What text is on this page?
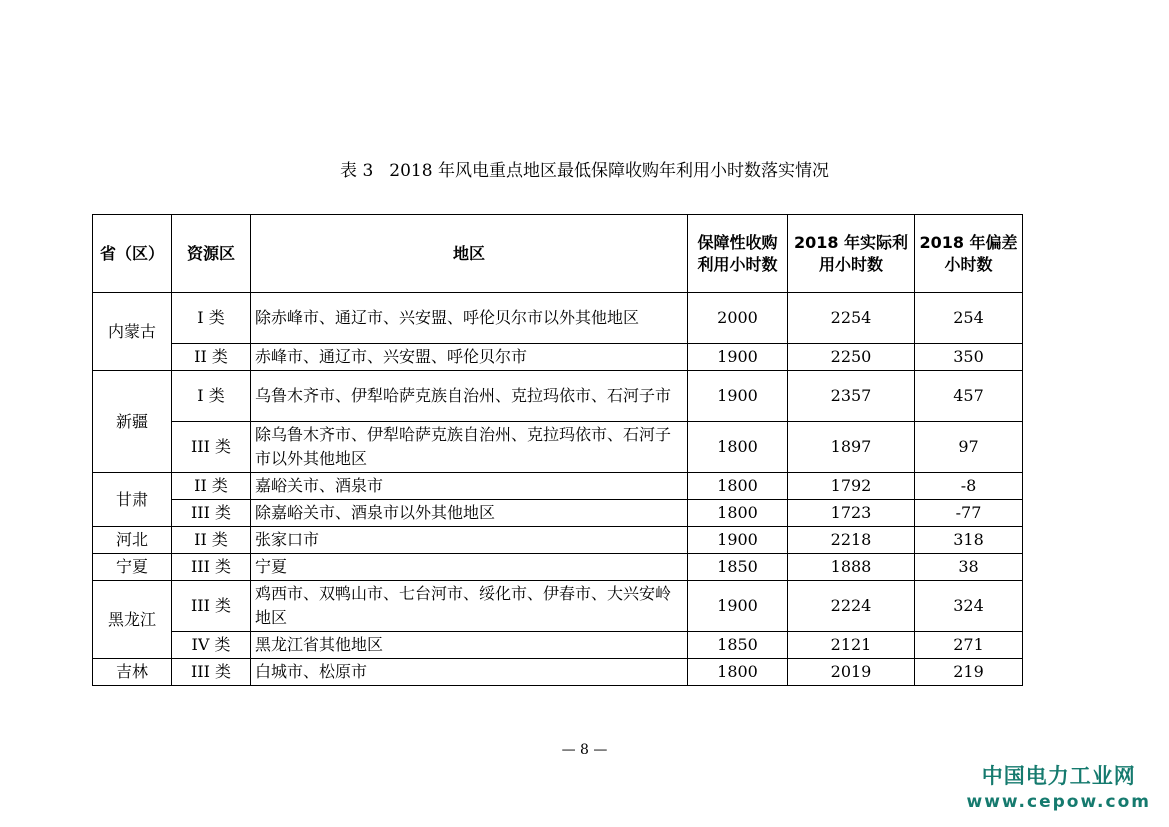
表 3 2018 年风电重点地区最低保障收购年利用小时数落实情况
省（区）	资源区	地区	保障性收购利用小时数	2018 年实际利用小时数	2018 年偏差小时数
内蒙古	I 类	除赤峰市、通辽市、兴安盟、呼伦贝尔市以外其他地区	2000	2254	254
	II 类	赤峰市、通辽市、兴安盟、呼伦贝尔市	1900	2250	350
新疆	I 类	乌鲁木齐市、伊犁哈萨克族自治州、克拉玛依市、石河子市	1900	2357	457
	III 类	除乌鲁木齐市、伊犁哈萨克族自治州、克拉玛依市、石河子市以外其他地区	1800	1897	97
甘肃	II 类	嘉峪关市、酒泉市	1800	1792	-8
	III 类	除嘉峪关市、酒泉市以外其他地区	1800	1723	-77
河北	II 类	张家口市	1900	2218	318
宁夏	III 类	宁夏	1850	1888	38
黑龙江	III 类	鸡西市、双鸭山市、七台河市、绥化市、伊春市、大兴安岭地区	1900	2224	324
	IV 类	黑龙江省其他地区	1850	2121	271
吉林	III 类	白城市、松原市	1800	2019	219
— 8 —
中国电力工业网
www.cepow.com
